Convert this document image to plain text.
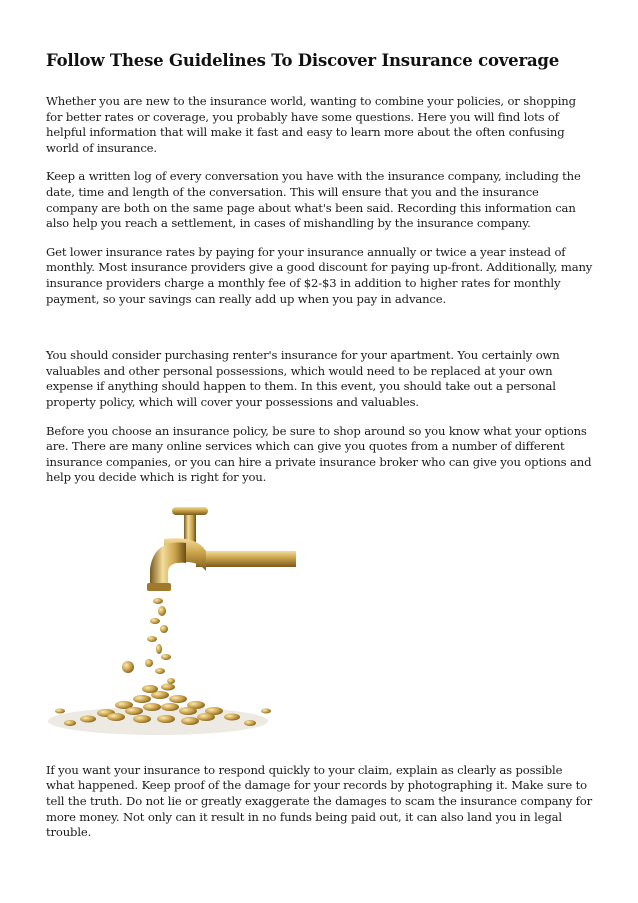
Follow These Guidelines To Discover Insurance coverage

Whether you are new to the insurance world, wanting to combine your policies, or shopping for better rates or coverage, you probably have some questions. Here you will find lots of helpful information that will make it fast and easy to learn more about the often confusing world of insurance.

Keep a written log of every conversation you have with the insurance company, including the date, time and length of the conversation. This will ensure that you and the insurance company are both on the same page about what's been said. Recording this information can also help you reach a settlement, in cases of mishandling by the insurance company.

Get lower insurance rates by paying for your insurance annually or twice a year instead of monthly. Most insurance providers give a good discount for paying up-front. Additionally, many insurance providers charge a monthly fee of $2-$3 in addition to higher rates for monthly payment, so your savings can really add up when you pay in advance.

You should consider purchasing renter's insurance for your apartment. You certainly own valuables and other personal possessions, which would need to be replaced at your own expense if anything should happen to them. In this event, you should take out a personal property policy, which will cover your possessions and valuables.

Before you choose an insurance policy, be sure to shop around so you know what your options are. There are many online services which can give you quotes from a number of different insurance companies, or you can hire a private insurance broker who can give you options and help you decide which is right for you.

If you want your insurance to respond quickly to your claim, explain as clearly as possible what happened. Keep proof of the damage for your records by photographing it. Make sure to tell the truth. Do not lie or greatly exaggerate the damages to scam the insurance company for more money. Not only can it result in no funds being paid out, it can also land you in legal trouble.
